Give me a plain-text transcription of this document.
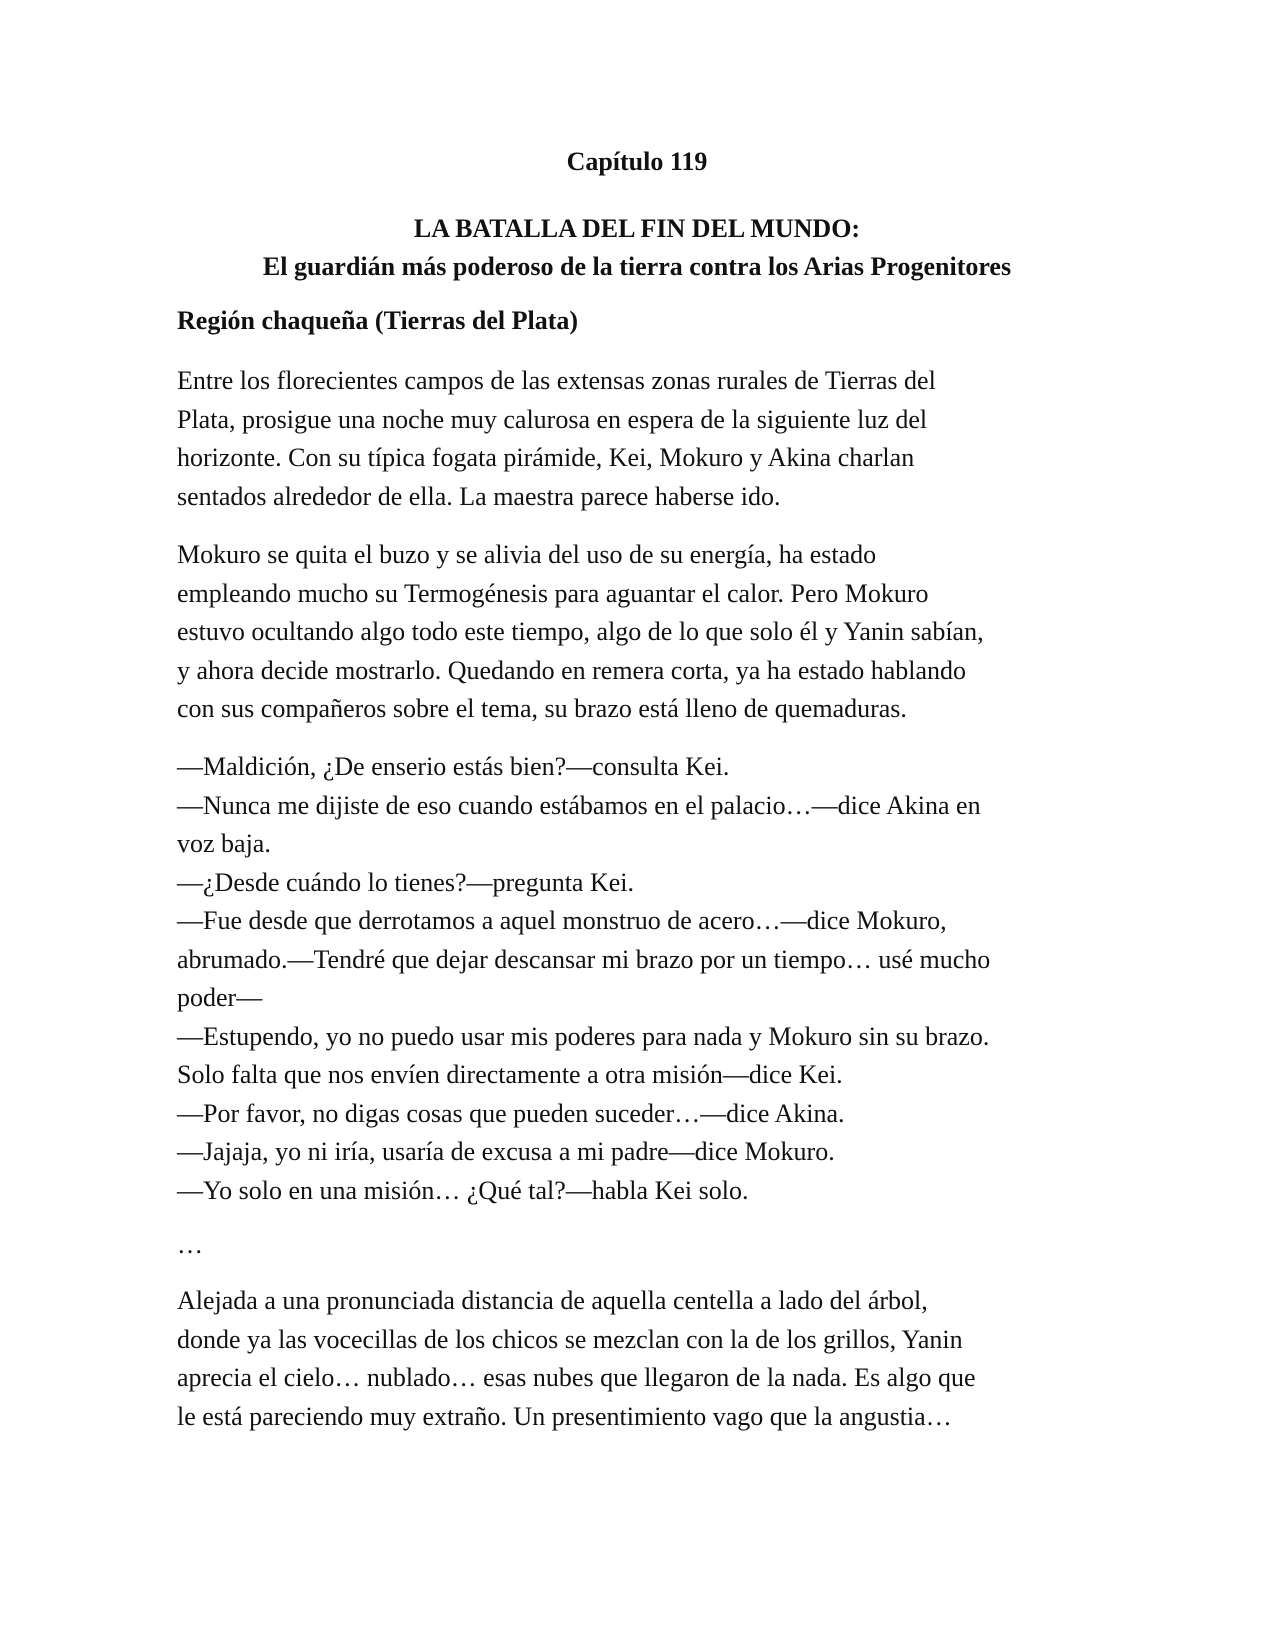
Capítulo 119
LA BATALLA DEL FIN DEL MUNDO:
El guardián más poderoso de la tierra contra los Arias Progenitores
Región chaqueña (Tierras del Plata)

Entre los florecientes campos de las extensas zonas rurales de Tierras del
Plata, prosigue una noche muy calurosa en espera de la siguiente luz del
horizonte. Con su típica fogata pirámide, Kei, Mokuro y Akina charlan
sentados alrededor de ella. La maestra parece haberse ido.

Mokuro se quita el buzo y se alivia del uso de su energía, ha estado
empleando mucho su Termogénesis para aguantar el calor. Pero Mokuro
estuvo ocultando algo todo este tiempo, algo de lo que solo él y Yanin sabían,
y ahora decide mostrarlo. Quedando en remera corta, ya ha estado hablando
con sus compañeros sobre el tema, su brazo está lleno de quemaduras.

—Maldición, ¿De enserio estás bien?—consulta Kei.
—Nunca me dijiste de eso cuando estábamos en el palacio…—dice Akina en
voz baja.
—¿Desde cuándo lo tienes?—pregunta Kei.
—Fue desde que derrotamos a aquel monstruo de acero…—dice Mokuro,
abrumado.—Tendré que dejar descansar mi brazo por un tiempo… usé mucho
poder—
—Estupendo, yo no puedo usar mis poderes para nada y Mokuro sin su brazo.
Solo falta que nos envíen directamente a otra misión—dice Kei.
—Por favor, no digas cosas que pueden suceder…—dice Akina.
—Jajaja, yo ni iría, usaría de excusa a mi padre—dice Mokuro.
—Yo solo en una misión… ¿Qué tal?—habla Kei solo.

…

Alejada a una pronunciada distancia de aquella centella a lado del árbol,
donde ya las vocecillas de los chicos se mezclan con la de los grillos, Yanin
aprecia el cielo… nublado… esas nubes que llegaron de la nada. Es algo que
le está pareciendo muy extraño. Un presentimiento vago que la angustia…
